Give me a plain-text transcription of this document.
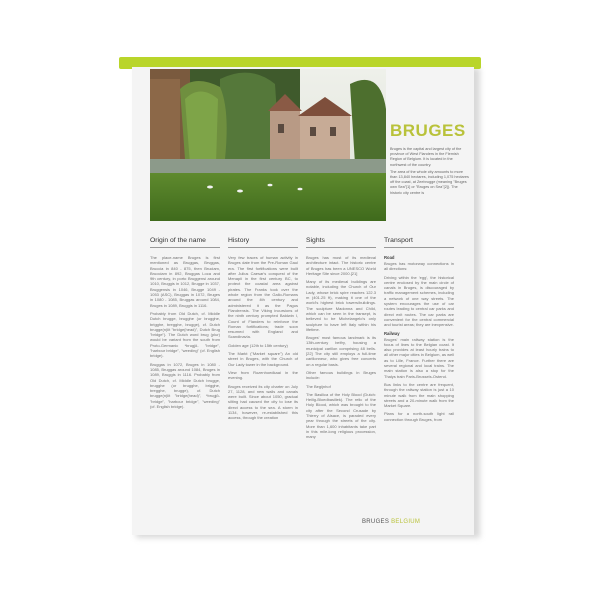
BRUGES
Bruges is the capital and largest city of the province of West Flanders in the Flemish Region of Belgium. It is located in the northwest of the country.
The area of the whole city amounts to more than 13,840 hectares, including 1,075 hectares off the coast, at Zeebrugge (meaning "Bruges own Sea"[1] or "Bruges on Sea"[2]). The historic city centre is
Origin of the name

The place-name Bruges is first mentioned as Bruggas, Brvggas, Bruccia in 840 - 875, then Bruciam, Bruociam in 892, Bruggas Loca and 9th century, in porto Bruggensi around 1010, Bruggis in 1012, Brugge in 1037, Bruggensis in 1046, Brugge 1049 - 1053 (ASC), Bruggas in 1072, Bruges in 1080 - 1085, Bruggas around 1084, Bruges in 1089, Bruggis in 1116.

Probably from Old Dutch, cf. Middle Dutch brugge, brugghe (or brugghe, brigghe, bregghe, brugge), cf. Dutch brugge(n)lit "bridge(head)", Dutch Brug "bridge"). The Dutch word brug (plur) would be variant from the south from Proto-Germanic *brugjō- "bridge", "harbour bridge", "weeding" (cf. English bridge).

Bruggas in 1072, Bruges in 1080 - 1085, Bruggas around 1084, Bruges in 1089, Bruggis in 1116. Probably from Old Dutch, cf. Middle Dutch brugge, brugghe (or brugghe, brigghe, bregghe, brugge), cf. Dutch brugge(n)lit "bridge(head)", *brugjō- "bridge", "harbour bridge", "weeding" (cf. English bridge).

History

Very few traces of human activity in Bruges date from the Pre-Roman Gaul era. The first fortifications were built after Julius Caesar's conquest of the Menapii in the first century BC, to protect the coastal area against pirates. The Franks took over the whole region from the Gallo-Romans around the 4th century and administered it as the Pagus Flandrensis. The Viking incursions of the ninth century prompted Baldwin I, Count of Flanders to reinforce the Roman fortifications; trade soon resumed with England and Scandinavia.

Golden age (12th to 15th century)

The Markt ("Market square") An old street in Bruges, with the Church of Our Lady tower in the background.

View from Rozenhoedkaai in the evening.

Bruges received its city charter on July 27, 1128, and new walls and canals were built. Since about 1050, gradual silting had caused the city to lose its direct access to the sea. A storm in 1134, however, re-established this access, through the creation

Sights

Bruges has most of its medieval architecture intact. The historic centre of Bruges has been a UNESCO World Heritage Site since 2000.[21]

Many of its medieval buildings are notable, including the Church of Our Lady, whose brick spire reaches 122.3 m (401.25 ft), making it one of the world's highest brick towers/buildings. The sculpture Madonna and Child, which can be seen in the transept, is believed to be Michelangelo's only sculpture to have left Italy within his lifetime.

Bruges' most famous landmark is its 13th-century belfry, housing a municipal carillon comprising 48 bells.[22] The city still employs a full-time carillonneur, who gives free concerts on a regular basis.

Other famous buildings in Bruges include:

The Begijnhof

The Basilica of the Holy Blood (Dutch: Heilig-Bloedbasiliek). The relic of the Holy Blood, which was brought to the city after the Second Crusade by Thierry of Alsace, is paraded every year through the streets of the city. More than 1,600 inhabitants take part in this mile-long religious procession, many

Transport
Road

Bruges has motorway connections in all directions:

Driving within the 'egg', the historical centre enclosed by the main circle of canals in Bruges, is discouraged by traffic management schemes, including a network of one way streets. The system encourages the use of car routes leading to central car parks and direct exit routes. The car parks are convenient for the central commercial and tourist areas; they are inexpensive.

Railway

Bruges' main railway station is the focus of lines to the Belgian coast. It also provides at least hourly trains to all other major cities in Belgium, as well as to Lille, France. Further there are several regional and local trains. The main station is also a stop for the Thalys train Paris-Brussels-Ostend.

Bus links to the centre are frequent, through the railway station is just a 10 minute walk from the main shopping streets and a 20-minute walk from the Market Square.

Plans for a north-south light rail connection through Bruges, from

BRUGES BELGIUM
